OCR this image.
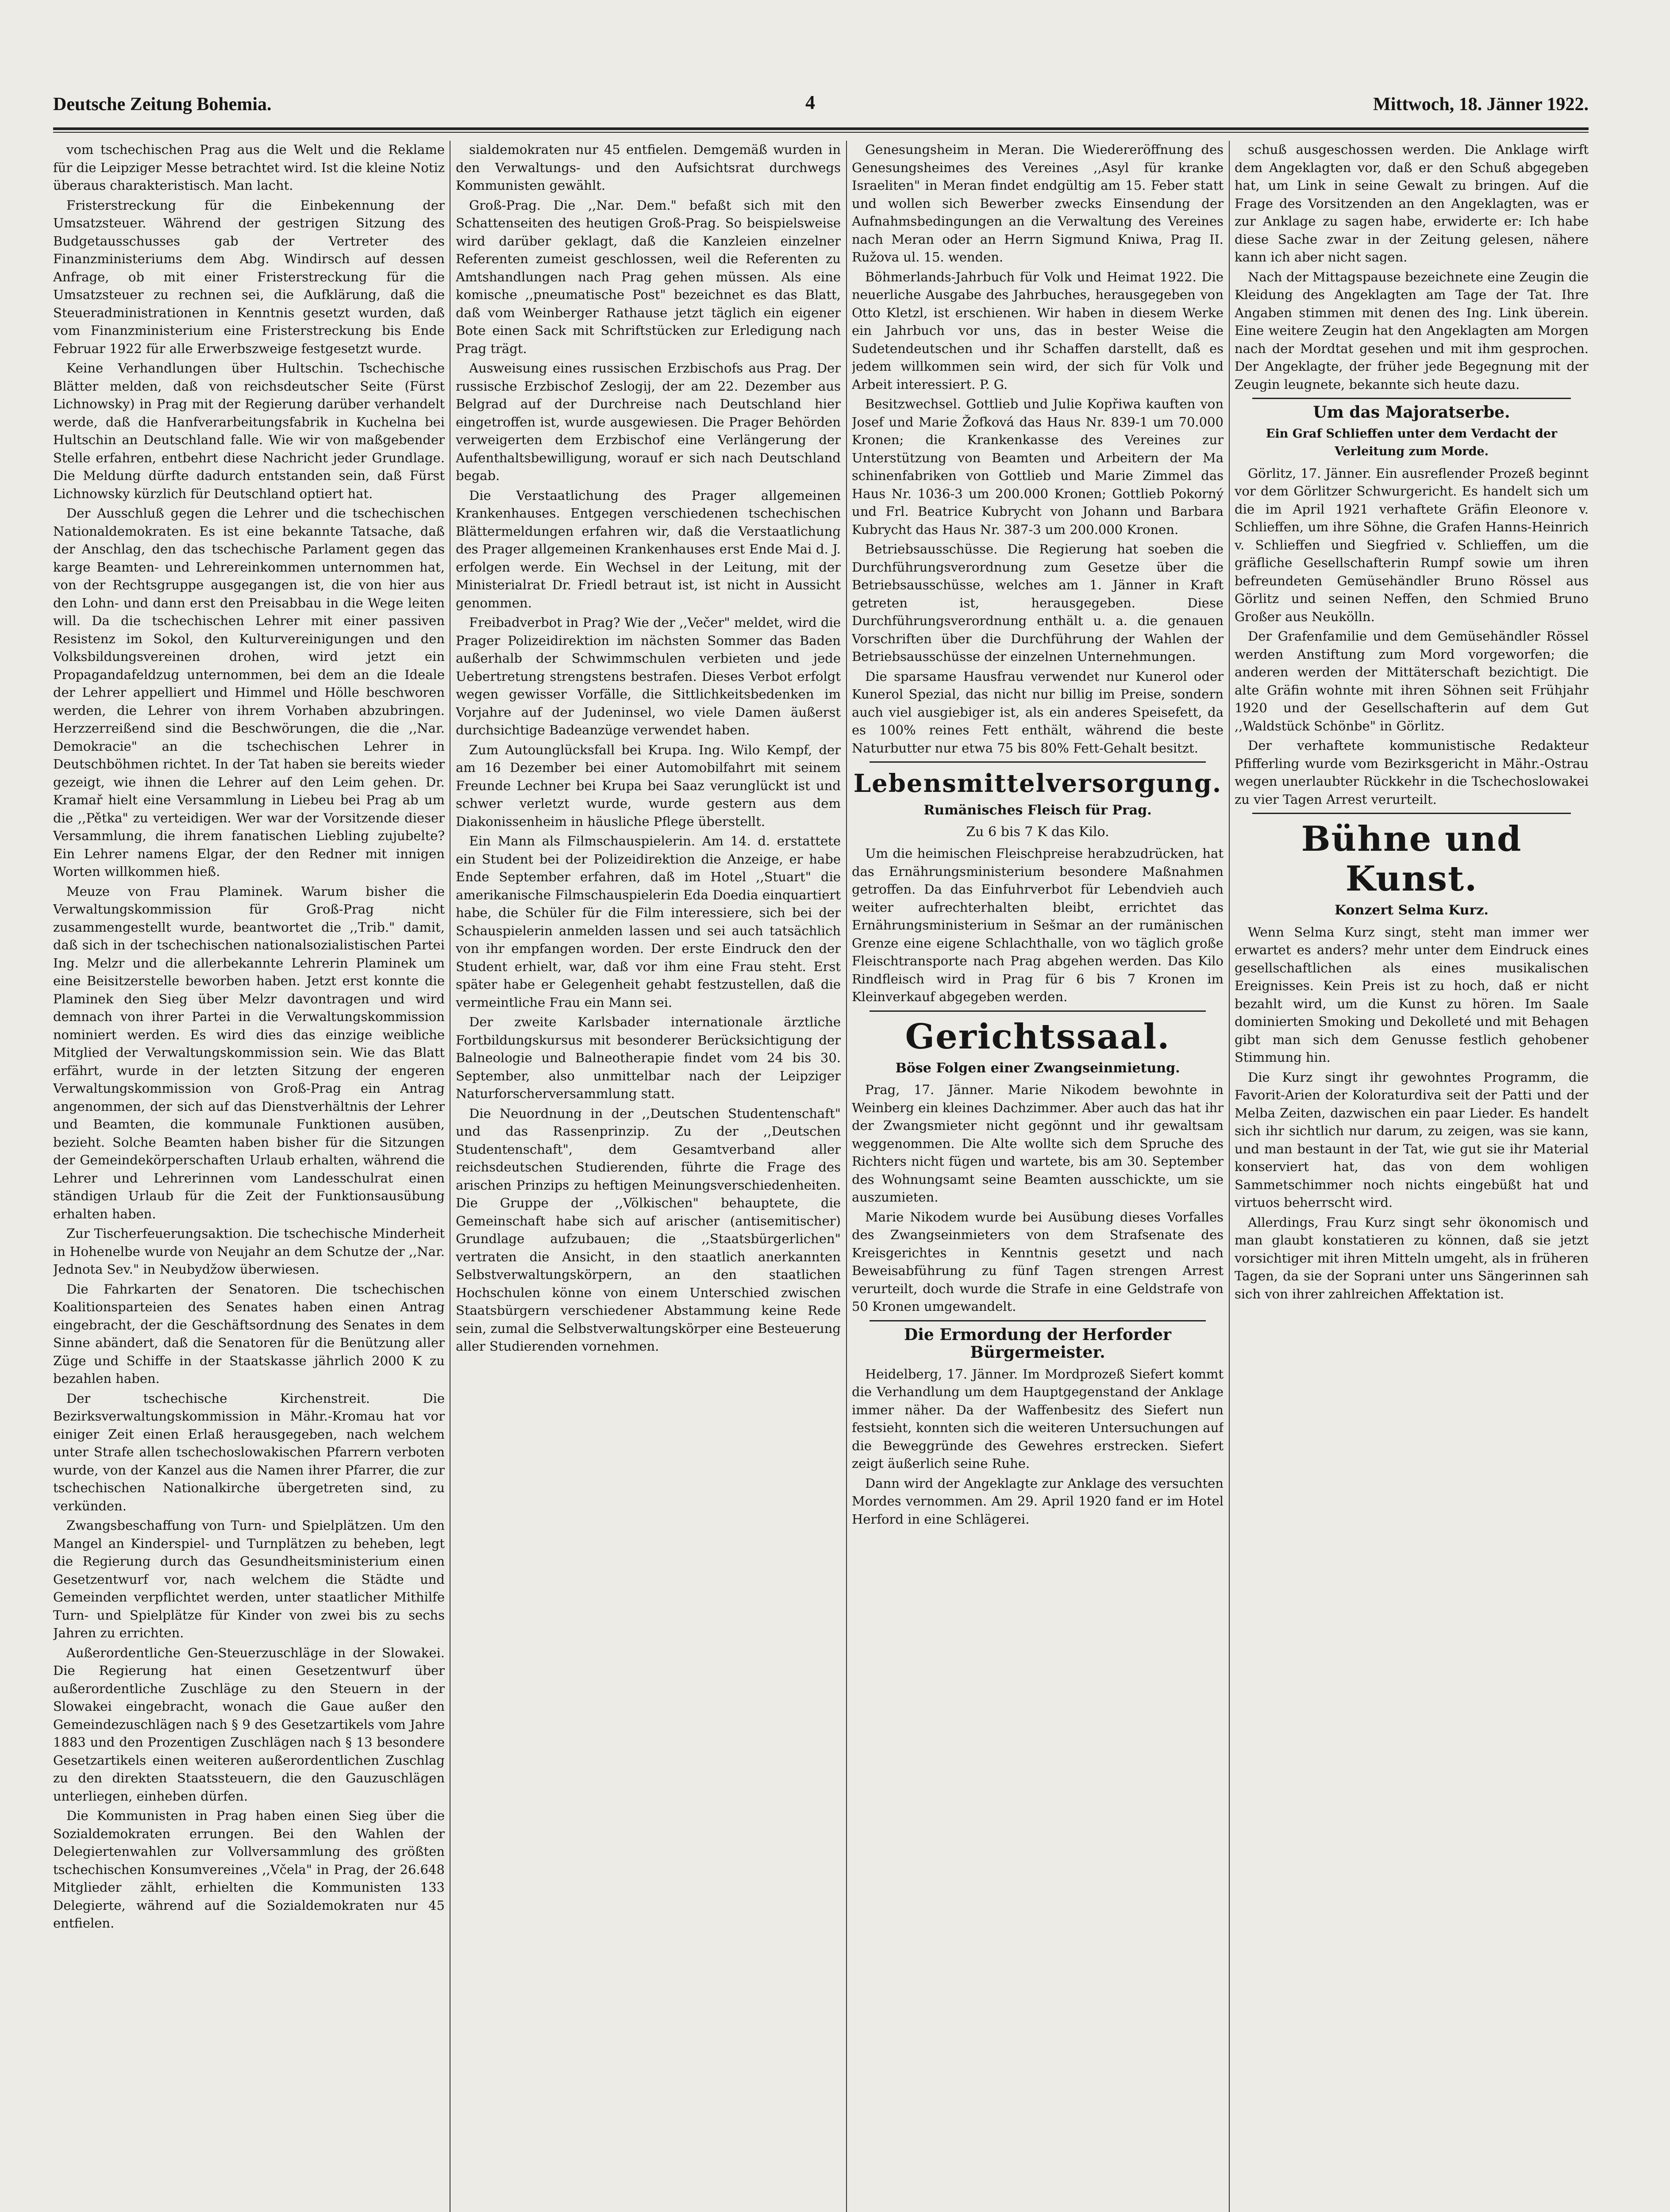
Deutsche Zeitung Bohemia.	4	Mittwoch, 18. Jänner 1922.

vom tschechischen Prag aus die Welt und die Reklame für die Leipziger Messe betrachtet wird. Ist die kleine Notiz überaus charakteristisch. Man lacht.

Fristerstreckung für die Einbekennung der Umsatzsteuer. Während der gestrigen Sitzung des Budgetausschusses gab der Vertreter des Finanzministeriums dem Abg. Windirsch auf dessen Anfrage, ob mit einer Fristerstreckung für die Umsatzsteuer zu rechnen sei, die Aufklärung, daß die Steueradministrationen in Kenntnis gesetzt wurden, daß vom Finanzministerium eine Fristerstreckung bis Ende Februar 1922 für alle Erwerbszweige festgesetzt wurde.

Keine Verhandlungen über Hultschin. Tschechische Blätter melden, daß von reichsdeutscher Seite (Fürst Lichnowsky) in Prag mit der Regierung darüber verhandelt werde, daß die Hanfverarbeitungsfabrik in Kuchelna bei Hultschin an Deutschland falle. Wie wir von maßgebender Stelle erfahren, entbehrt diese Nachricht jeder Grundlage. Die Meldung dürfte dadurch entstanden sein, daß Fürst Lichnowsky kürzlich für Deutschland optiert hat.

Der Ausschluß gegen die Lehrer und die tschechischen Nationaldemokraten. Es ist eine bekannte Tatsache, daß der Anschlag, den das tschechische Parlament gegen das karge Beamten- und Lehrereinkommen unternommen hat, von der Rechtsgruppe ausgegangen ist, die von hier aus den Lohn- und dann erst den Preisabbau in die Wege leiten will. Da die tschechischen Lehrer mit einer passiven Resistenz im Sokol, den Kulturvereinigungen und den Volksbildungsvereinen drohen, wird jetzt ein Propagandafeldzug unternommen, bei dem an die Ideale der Lehrer appelliert und Himmel und Hölle beschworen werden, die Lehrer von ihrem Vorhaben abzubringen. Herzzerreißend sind die Beschwörungen, die die ,,Nar. Demokracie" an die tschechischen Lehrer in Deutschböhmen richtet. In der Tat haben sie bereits wieder gezeigt, wie ihnen die Lehrer auf den Leim gehen. Dr. Kramař hielt eine Versammlung in Liebeu bei Prag ab um die ,,Pětka" zu verteidigen. Wer war der Vorsitzende dieser Versammlung, die ihrem fanatischen Liebling zujubelte? Ein Lehrer namens Elgar, der den Redner mit innigen Worten willkommen hieß.

Meuze von Frau Plaminek. Warum bisher die Verwaltungskommission für Groß-Prag nicht zusammengestellt wurde, beantwortet die ,,Trib." damit, daß sich in der tschechischen nationalsozialistischen Partei Ing. Melzr und die allerbekannte Lehrerin Plaminek um eine Beisitzerstelle beworben haben. Jetzt erst konnte die Plaminek den Sieg über Melzr davontragen und wird demnach von ihrer Partei in die Verwaltungskommission nominiert werden. Es wird dies das einzige weibliche Mitglied der Verwaltungskommission sein. Wie das Blatt erfährt, wurde in der letzten Sitzung der engeren Verwaltungskommission von Groß-Prag ein Antrag angenommen, der sich auf das Dienstverhältnis der Lehrer und Beamten, die kommunale Funktionen ausüben, bezieht. Solche Beamten haben bisher für die Sitzungen der Gemeindekörperschaften Urlaub erhalten, während die Lehrer und Lehrerinnen vom Landesschulrat einen ständigen Urlaub für die Zeit der Funktionsausübung erhalten haben.

Zur Tischerfeuerungsaktion. Die tschechische Minderheit in Hohenelbe wurde von Neujahr an dem Schutze der ,,Nar. Jednota Sev." in Neubydžow überwiesen.

Die Fahrkarten der Senatoren. Die tschechischen Koalitionsparteien des Senates haben einen Antrag eingebracht, der die Geschäftsordnung des Senates in dem Sinne abändert, daß die Senatoren für die Benützung aller Züge und Schiffe in der Staatskasse jährlich 2000 K zu bezahlen haben.

Der tschechische Kirchenstreit. Die Bezirksverwaltungskommission in Mähr.-Kromau hat vor einiger Zeit einen Erlaß herausgegeben, nach welchem unter Strafe allen tschechoslowakischen Pfarrern verboten wurde, von der Kanzel aus die Namen ihrer Pfarrer, die zur tschechischen Nationalkirche übergetreten sind, zu verkünden.

Zwangsbeschaffung von Turn- und Spielplätzen. Um den Mangel an Kinderspiel- und Turnplätzen zu beheben, legt die Regierung durch das Gesundheitsministerium einen Gesetzentwurf vor, nach welchem die Städte und Gemeinden verpflichtet werden, unter staatlicher Mithilfe Turn- und Spielplätze für Kinder von zwei bis zu sechs Jahren zu errichten.

Außerordentliche Gen-Steuerzuschläge in der Slowakei. Die Regierung hat einen Gesetzentwurf über außerordentliche Zuschläge zu den Steuern in der Slowakei eingebracht, wonach die Gaue außer den Gemeindezuschlägen nach § 9 des Gesetzartikels vom Jahre 1883 und den Prozentigen Zuschlägen nach § 13 besondere Gesetzartikels einen weiteren außerordentlichen Zuschlag zu den direkten Staatssteuern, die den Gauzuschlägen unterliegen, einheben dürfen.

Die Kommunisten in Prag haben einen Sieg über die Sozialdemokraten errungen. Bei den Wahlen der Delegiertenwahlen zur Vollversammlung des größten tschechischen Konsumvereines ,,Včela" in Prag, der 26.648 Mitglieder zählt, erhielten die Kommunisten 133 Delegierte, während auf die Sozialdemokraten nur 45 entfielen.

sialdemokraten nur 45 entfielen. Demgemäß wurden in den Verwaltungs- und den Aufsichtsrat durchwegs Kommunisten gewählt.

Groß-Prag. Die ,,Nar. Dem." befaßt sich mit den Schattenseiten des heutigen Groß-Prag. So beispielsweise wird darüber geklagt, daß die Kanzleien einzelner Referenten zumeist geschlossen, weil die Referenten zu Amtshandlungen nach Prag gehen müssen. Als eine komische ,,pneumatische Post" bezeichnet es das Blatt, daß vom Weinberger Rathause jetzt täglich ein eigener Bote einen Sack mit Schriftstücken zur Erledigung nach Prag trägt.

Ausweisung eines russischen Erzbischofs aus Prag. Der russische Erzbischof Zeslogij, der am 22. Dezember aus Belgrad auf der Durchreise nach Deutschland hier eingetroffen ist, wurde ausgewiesen. Die Prager Behörden verweigerten dem Erzbischof eine Verlängerung der Aufenthaltsbewilligung, worauf er sich nach Deutschland begab.

Die Verstaatlichung des Prager allgemeinen Krankenhauses. Entgegen verschiedenen tschechischen Blättermeldungen erfahren wir, daß die Verstaatlichung des Prager allgemeinen Krankenhauses erst Ende Mai d. J. erfolgen werde. Ein Wechsel in der Leitung, mit der Ministerialrat Dr. Friedl betraut ist, ist nicht in Aussicht genommen.

Freibadverbot in Prag? Wie der ,,Večer" meldet, wird die Prager Polizeidirektion im nächsten Sommer das Baden außerhalb der Schwimmschulen verbieten und jede Uebertretung strengstens bestrafen. Dieses Verbot erfolgt wegen gewisser Vorfälle, die Sittlichkeitsbedenken im Vorjahre auf der Judeninsel, wo viele Damen äußerst durchsichtige Badeanzüge verwendet haben.

Zum Autounglücksfall bei Krupa. Ing. Wilo Kempf, der am 16 Dezember bei einer Automobilfahrt mit seinem Freunde Lechner bei Krupa bei Saaz verunglückt ist und schwer verletzt wurde, wurde gestern aus dem Diakonissenheim in häusliche Pflege überstellt.

Ein Mann als Filmschauspielerin. Am 14. d. erstattete ein Student bei der Polizeidirektion die Anzeige, er habe Ende September erfahren, daß im Hotel ,,Stuart" die amerikanische Filmschauspielerin Eda Doedia einquartiert habe, die Schüler für die Film interessiere, sich bei der Schauspielerin anmelden lassen und sei auch tatsächlich von ihr empfangen worden. Der erste Eindruck den der Student erhielt, war, daß vor ihm eine Frau steht. Erst später habe er Gelegenheit gehabt festzustellen, daß die vermeintliche Frau ein Mann sei.

Der zweite Karlsbader internationale ärztliche Fortbildungskursus mit besonderer Berücksichtigung der Balneologie und Balneotherapie findet vom 24 bis 30. September, also unmittelbar nach der Leipziger Naturforscherversammlung statt.

Die Neuordnung in der ,,Deutschen Studentenschaft" und das Rassenprinzip. Zu der ,,Deutschen Studentenschaft", dem Gesamtverband aller reichsdeutschen Studierenden, führte die Frage des arischen Prinzips zu heftigen Meinungsverschiedenheiten. Die Gruppe der ,,Völkischen" behauptete, die Gemeinschaft habe sich auf arischer (antisemitischer) Grundlage aufzubauen; die ,,Staatsbürgerlichen" vertraten die Ansicht, in den staatlich anerkannten Selbstverwaltungskörpern, an den staatlichen Hochschulen könne von einem Unterschied zwischen Staatsbürgern verschiedener Abstammung keine Rede sein, zumal die Selbstverwaltungskörper eine Besteuerung aller Studierenden vornehmen.

Genesungsheim in Meran. Die Wiedereröffnung des Genesungsheimes des Vereines ,,Asyl für kranke Israeliten" in Meran findet endgültig am 15. Feber statt und wollen sich Bewerber zwecks Einsendung der Aufnahmsbedingungen an die Verwaltung des Vereines nach Meran oder an Herrn Sigmund Kniwa, Prag II. Ružova ul. 15. wenden.

Böhmerlands-Jahrbuch für Volk und Heimat 1922. Die neuerliche Ausgabe des Jahrbuches, herausgegeben von Otto Kletzl, ist erschienen. Wir haben in diesem Werke ein Jahrbuch vor uns, das in bester Weise die Sudetendeutschen und ihr Schaffen darstellt, daß es jedem willkommen sein wird, der sich für Volk und Arbeit interessiert. P. G.

Besitzwechsel. Gottlieb und Julie Kopřiwa kauften von Josef und Marie Žofková das Haus Nr. 839-1 um 70.000 Kronen; die Krankenkasse des Vereines zur Unterstützung von Beamten und Arbeitern der Ma schinenfabriken von Gottlieb und Marie Zimmel das Haus Nr. 1036-3 um 200.000 Kronen; Gottlieb Pokorný und Frl. Beatrice Kubrycht von Johann und Barbara Kubrycht das Haus Nr. 387-3 um 200.000 Kronen.

Betriebsausschüsse. Die Regierung hat soeben die Durchführungsverordnung zum Gesetze über die Betriebsausschüsse, welches am 1. Jänner in Kraft getreten ist, herausgegeben. Diese Durchführungsverordnung enthält u. a. die genauen Vorschriften über die Durchführung der Wahlen der Betriebsausschüsse der einzelnen Unternehmungen.

Die sparsame Hausfrau verwendet nur Kunerol oder Kunerol Spezial, das nicht nur billig im Preise, sondern auch viel ausgiebiger ist, als ein anderes Speisefett, da es 100% reines Fett enthält, während die beste Naturbutter nur etwa 75 bis 80% Fett-Gehalt besitzt.

Lebensmittelversorgung.
Rumänisches Fleisch für Prag.
Zu 6 bis 7 K das Kilo.

Um die heimischen Fleischpreise herabzudrücken, hat das Ernährungsministerium besondere Maßnahmen getroffen. Da das Einfuhrverbot für Lebendvieh auch weiter aufrechterhalten bleibt, errichtet das Ernährungsministerium in Sešmar an der rumänischen Grenze eine eigene Schlachthalle, von wo täglich große Fleischtransporte nach Prag abgehen werden. Das Kilo Rindfleisch wird in Prag für 6 bis 7 Kronen im Kleinverkauf abgegeben werden.

Gerichtssaal.
Böse Folgen einer Zwangseinmietung.

Prag, 17. Jänner. Marie Nikodem bewohnte in Weinberg ein kleines Dachzimmer. Aber auch das hat ihr der Zwangsmieter nicht gegönnt und ihr gewaltsam weggenommen. Die Alte wollte sich dem Spruche des Richters nicht fügen und wartete, bis am 30. September des Wohnungsamt seine Beamten ausschickte, um sie auszumieten.

Marie Nikodem wurde bei Ausübung dieses Vorfalles des Zwangseinmieters von dem Strafsenate des Kreisgerichtes in Kenntnis gesetzt und nach Beweisabführung zu fünf Tagen strengen Arrest verurteilt, doch wurde die Strafe in eine Geldstrafe von 50 Kronen umgewandelt.

Die Ermordung der Herforder Bürgermeister.

Heidelberg, 17. Jänner. Im Mordprozeß Siefert kommt die Verhandlung um dem Hauptgegenstand der Anklage immer näher. Da der Waffenbesitz des Siefert nun festsieht, konnten sich die weiteren Untersuchungen auf die Beweggründe des Gewehres erstrecken. Siefert zeigt äußerlich seine Ruhe.

Dann wird der Angeklagte zur Anklage des versuchten Mordes vernommen. Am 29. April 1920 fand er im Hotel Herford in eine Schlägerei.

schuß ausgeschossen werden. Die Anklage wirft dem Angeklagten vor, daß er den Schuß abgegeben hat, um Link in seine Gewalt zu bringen. Auf die Frage des Vorsitzenden an den Angeklagten, was er zur Anklage zu sagen habe, erwiderte er: Ich habe diese Sache zwar in der Zeitung gelesen, nähere kann ich aber nicht sagen.

Nach der Mittagspause bezeichnete eine Zeugin die Kleidung des Angeklagten am Tage der Tat. Ihre Angaben stimmen mit denen des Ing. Link überein. Eine weitere Zeugin hat den Angeklagten am Morgen nach der Mordtat gesehen und mit ihm gesprochen. Der Angeklagte, der früher jede Begegnung mit der Zeugin leugnete, bekannte sich heute dazu.

Um das Majoratserbe.
Ein Graf Schlieffen unter dem Verdacht der Verleitung zum Morde.

Görlitz, 17. Jänner. Ein ausreflender Prozeß beginnt vor dem Görlitzer Schwurgericht. Es handelt sich um die im April 1921 verhaftete Gräfin Eleonore v. Schlieffen, um ihre Söhne, die Grafen Hanns-Heinrich v. Schlieffen und Siegfried v. Schlieffen, um die gräfliche Gesellschafterin Rumpf sowie um ihren befreundeten Gemüsehändler Bruno Rössel aus Görlitz und seinen Neffen, den Schmied Bruno Großer aus Neukölln.

Der Grafenfamilie und dem Gemüsehändler Rössel werden Anstiftung zum Mord vorgeworfen; die anderen werden der Mittäterschaft bezichtigt. Die alte Gräfin wohnte mit ihren Söhnen seit Frühjahr 1920 und der Gesellschafterin auf dem Gut ,,Waldstück Schönbe" in Görlitz.

Der verhaftete kommunistische Redakteur Pfifferling wurde vom Bezirksgericht in Mähr.-Ostrau wegen unerlaubter Rückkehr in die Tschechoslowakei zu vier Tagen Arrest verurteilt.

Bühne und Kunst.
Konzert Selma Kurz.

Wenn Selma Kurz singt, steht man immer wer erwartet es anders? mehr unter dem Eindruck eines gesellschaftlichen als eines musikalischen Ereignisses. Kein Preis ist zu hoch, daß er nicht bezahlt wird, um die Kunst zu hören. Im Saale dominierten Smoking und Dekolleté und mit Behagen gibt man sich dem Genusse festlich gehobener Stimmung hin.

Die Kurz singt ihr gewohntes Programm, die Favorit-Arien der Koloraturdiva seit der Patti und der Melba Zeiten, dazwischen ein paar Lieder. Es handelt sich ihr sichtlich nur darum, zu zeigen, was sie kann, und man bestaunt in der Tat, wie gut sie ihr Material konserviert hat, das von dem wohligen Sammetschimmer noch nichts eingebüßt hat und virtuos beherrscht wird.

Allerdings, Frau Kurz singt sehr ökonomisch und man glaubt konstatieren zu können, daß sie jetzt vorsichtiger mit ihren Mitteln umgeht, als in früheren Tagen, da sie der Soprani unter uns Sängerinnen sah sich von ihrer zahlreichen Affektation ist.
